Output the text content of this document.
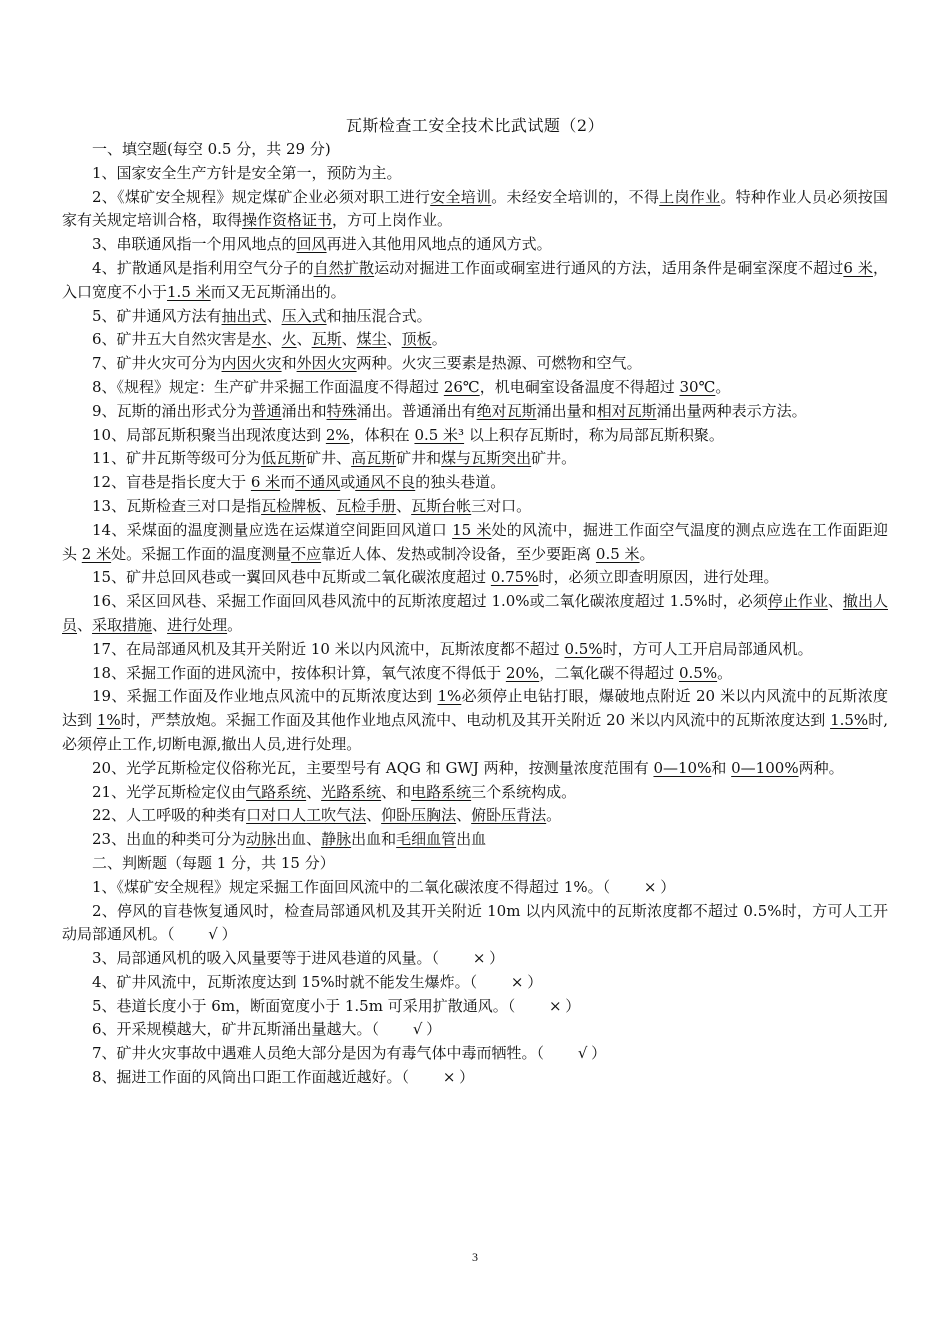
瓦斯检查工安全技术比武试题（2）
一、填空题(每空 0.5 分，共 29 分)
1、国家安全生产方针是安全第一，预防为主。
2、《煤矿安全规程》规定煤矿企业必须对职工进行安全培训。未经安全培训的，不得上岗作业。特种作业人员必须按国家有关规定培训合格，取得操作资格证书，方可上岗作业。
3、串联通风指一个用风地点的回风再进入其他用风地点的通风方式。
4、扩散通风是指利用空气分子的自然扩散运动对掘进工作面或硐室进行通风的方法，适用条件是硐室深度不超过6 米，入口宽度不小于1.5 米而又无瓦斯涌出的。
5、矿井通风方法有抽出式、压入式和抽压混合式。
6、矿井五大自然灾害是水、火、瓦斯、煤尘、顶板。
7、矿井火灾可分为内因火灾和外因火灾两种。火灾三要素是热源、可燃物和空气。
8、《规程》规定：生产矿井采掘工作面温度不得超过 26℃，机电硐室设备温度不得超过 30℃。
9、瓦斯的涌出形式分为普通涌出和特殊涌出。普通涌出有绝对瓦斯涌出量和相对瓦斯涌出量两种表示方法。
10、局部瓦斯积聚当出现浓度达到 2%，体积在 0.5 米³ 以上积存瓦斯时，称为局部瓦斯积聚。
11、矿井瓦斯等级可分为低瓦斯矿井、高瓦斯矿井和煤与瓦斯突出矿井。
12、盲巷是指长度大于 6 米而不通风或通风不良的独头巷道。
13、瓦斯检查三对口是指瓦检牌板、瓦检手册、瓦斯台帐三对口。
14、采煤面的温度测量应选在运煤道空间距回风道口 15 米处的风流中，掘进工作面空气温度的测点应选在工作面距迎头 2 米处。采掘工作面的温度测量不应靠近人体、发热或制冷设备，至少要距离 0.5 米。
15、矿井总回风巷或一翼回风巷中瓦斯或二氧化碳浓度超过 0.75%时，必须立即查明原因，进行处理。
16、采区回风巷、采掘工作面回风巷风流中的瓦斯浓度超过 1.0%或二氧化碳浓度超过 1.5%时，必须停止作业、撤出人员、采取措施、进行处理。
17、在局部通风机及其开关附近 10 米以内风流中，瓦斯浓度都不超过 0.5%时，方可人工开启局部通风机。
18、采掘工作面的进风流中，按体积计算，氧气浓度不得低于 20%，二氧化碳不得超过 0.5%。
19、采掘工作面及作业地点风流中的瓦斯浓度达到 1%必须停止电钻打眼，爆破地点附近 20 米以内风流中的瓦斯浓度达到 1%时，严禁放炮。采掘工作面及其他作业地点风流中、电动机及其开关附近 20 米以内风流中的瓦斯浓度达到 1.5%时,必须停止工作,切断电源,撤出人员,进行处理。
20、光学瓦斯检定仪俗称光瓦，主要型号有 AQG 和 GWJ 两种，按测量浓度范围有 0—10%和 0—100%两种。
21、光学瓦斯检定仪由气路系统、光路系统、和电路系统三个系统构成。
22、人工呼吸的种类有口对口人工吹气法、仰卧压胸法、俯卧压背法。
23、出血的种类可分为动脉出血、静脉出血和毛细血管出血
二、判断题（每题 1 分，共 15 分）
1、《煤矿安全规程》规定采掘工作面回风流中的二氧化碳浓度不得超过 1%。（ × ）
2、停风的盲巷恢复通风时，检查局部通风机及其开关附近 10m 以内风流中的瓦斯浓度都不超过 0.5%时，方可人工开动局部通风机。（ √ ）
3、局部通风机的吸入风量要等于进风巷道的风量。（ × ）
4、矿井风流中，瓦斯浓度达到 15%时就不能发生爆炸。（ × ）
5、巷道长度小于 6m，断面宽度小于 1.5m 可采用扩散通风。（ × ）
6、开采规模越大，矿井瓦斯涌出量越大。（ √ ）
7、矿井火灾事故中遇难人员绝大部分是因为有毒气体中毒而牺牲。（ √ ）
8、掘进工作面的风筒出口距工作面越近越好。（ × ）
3
